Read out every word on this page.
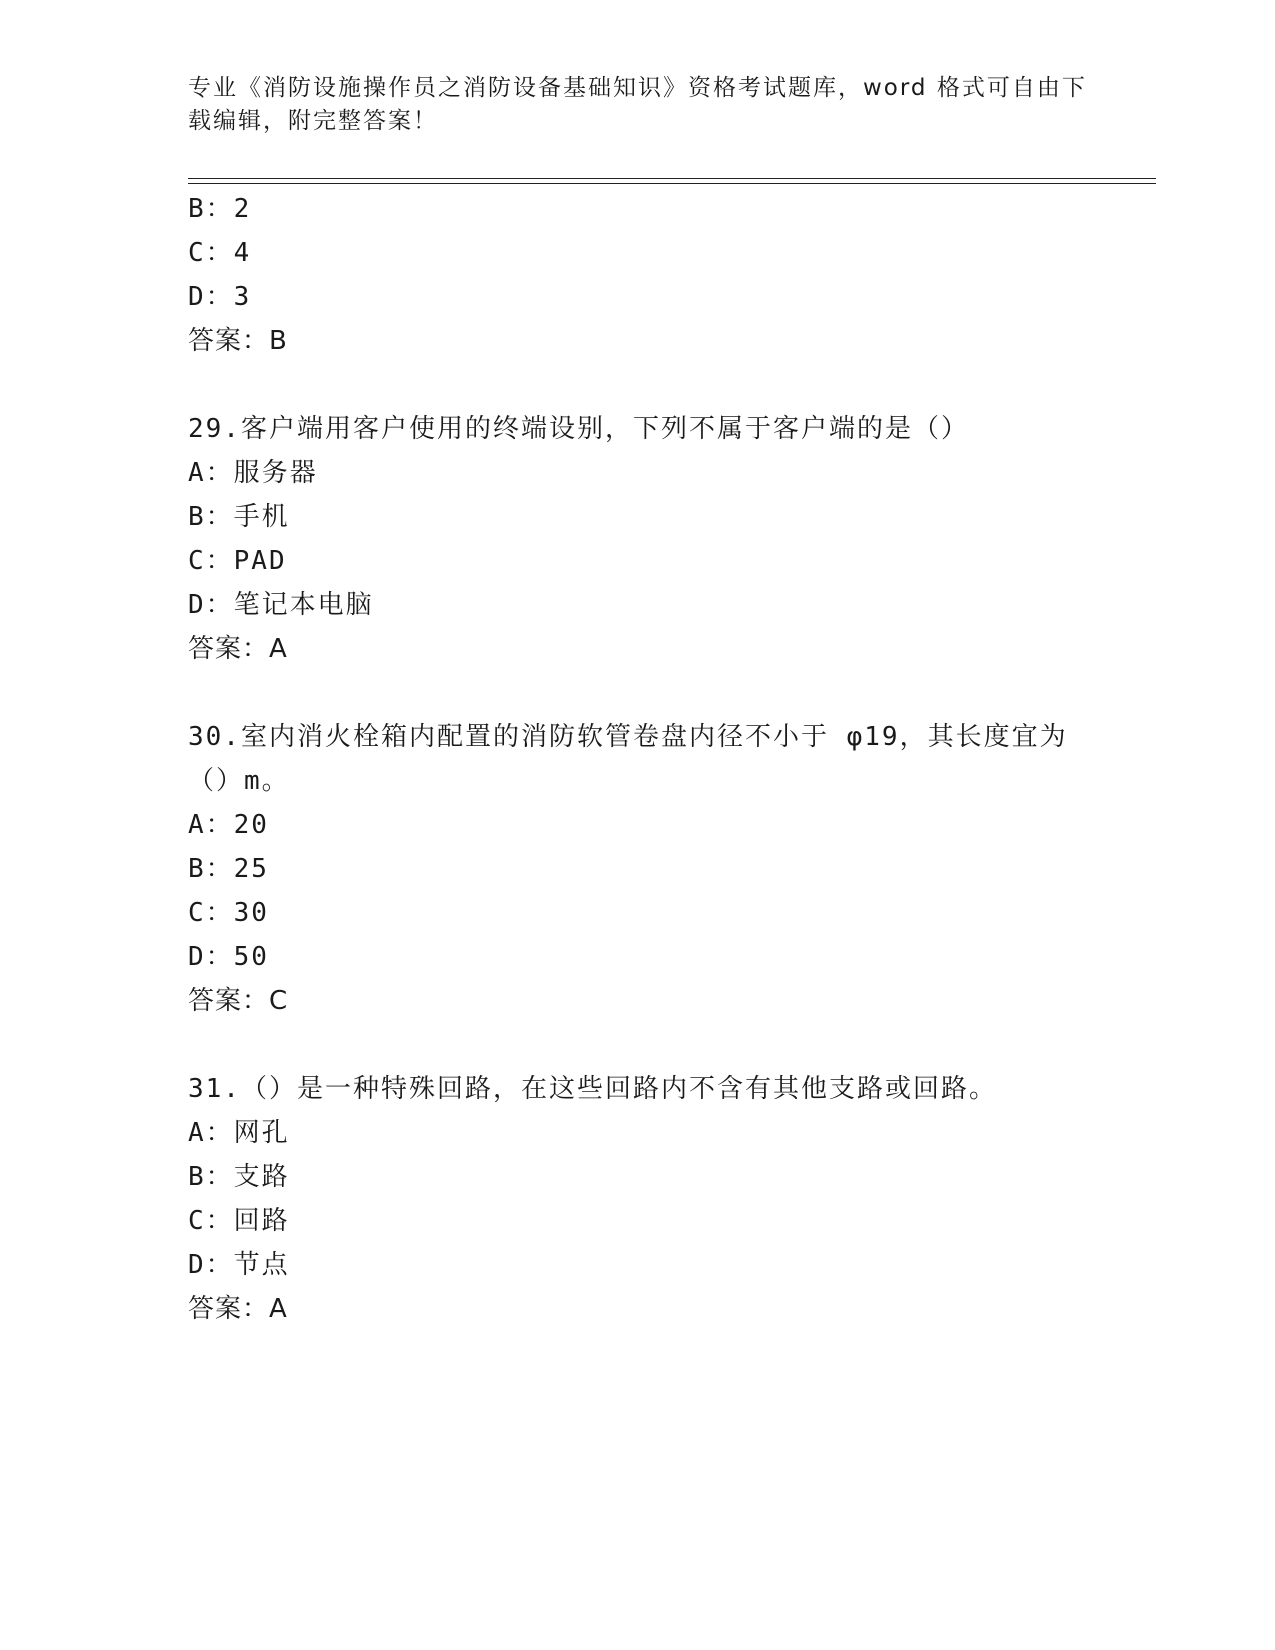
专业《消防设施操作员之消防设备基础知识》资格考试题库，word 格式可自由下
载编辑，附完整答案！
B：2
C：4
D：3
答案：B
29.客户端用客户使用的终端设别，下列不属于客户端的是（）
A：服务器
B：手机
C：PAD
D：笔记本电脑
答案：A
30.室内消火栓箱内配置的消防软管卷盘内径不小于 φ19，其长度宜为
（）m。
A：20
B：25
C：30
D：50
答案：C
31.（）是一种特殊回路，在这些回路内不含有其他支路或回路。
A：网孔
B：支路
C：回路
D：节点
答案：A
